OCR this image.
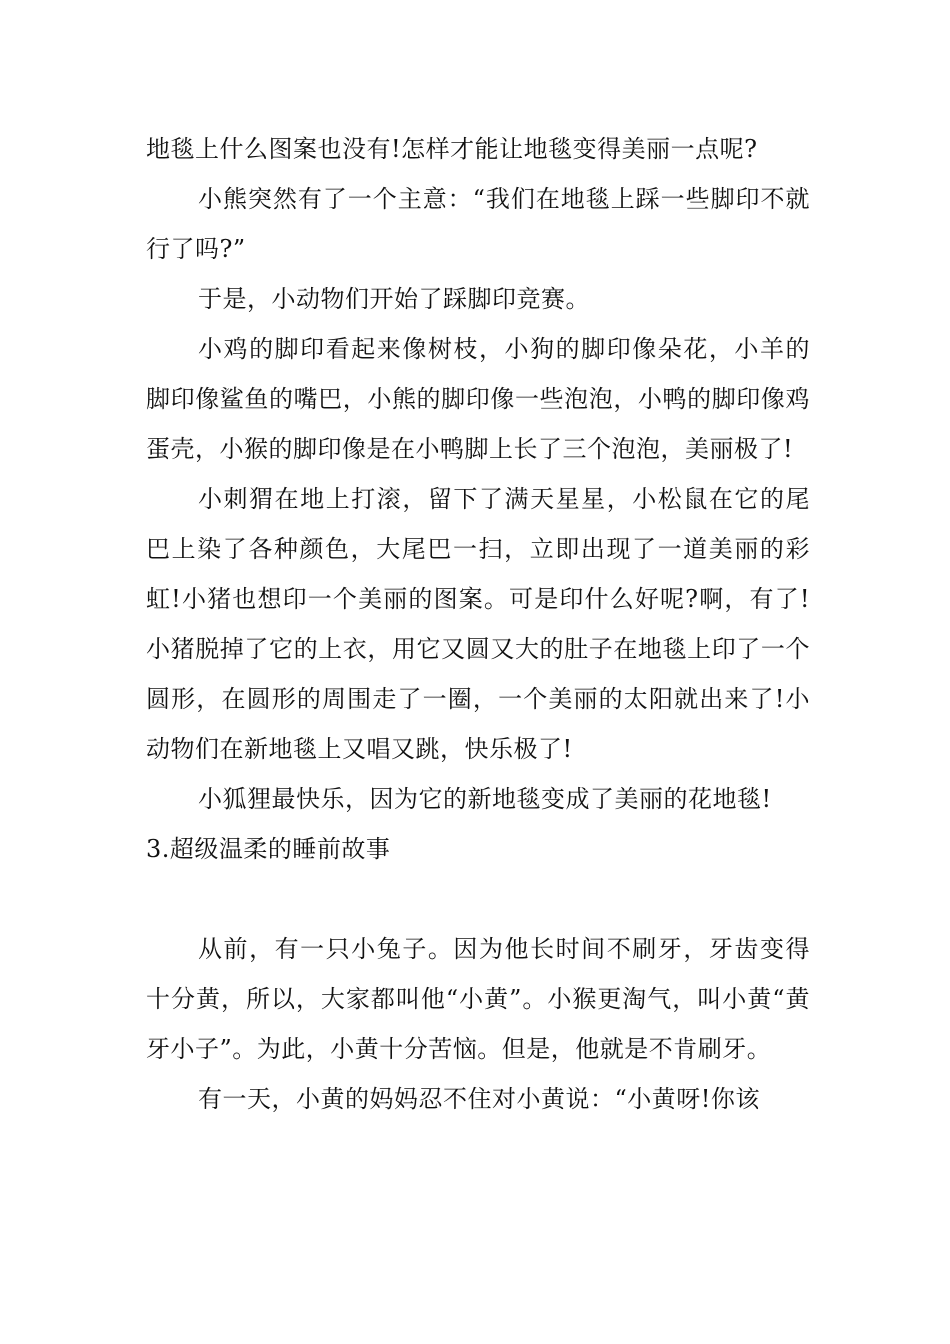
地毯上什么图案也没有!怎样才能让地毯变得美丽一点呢?

小熊突然有了一个主意：“我们在地毯上踩一些脚印不就行了吗?”

于是，小动物们开始了踩脚印竞赛。

小鸡的脚印看起来像树枝，小狗的脚印像朵花，小羊的脚印像鲨鱼的嘴巴，小熊的脚印像一些泡泡，小鸭的脚印像鸡蛋壳，小猴的脚印像是在小鸭脚上长了三个泡泡，美丽极了!

小刺猬在地上打滚，留下了满天星星，小松鼠在它的尾巴上染了各种颜色，大尾巴一扫，立即出现了一道美丽的彩虹!小猪也想印一个美丽的图案。可是印什么好呢?啊，有了!小猪脱掉了它的上衣，用它又圆又大的肚子在地毯上印了一个圆形，在圆形的周围走了一圈，一个美丽的太阳就出来了!小动物们在新地毯上又唱又跳，快乐极了!

小狐狸最快乐，因为它的新地毯变成了美丽的花地毯!

3.超级温柔的睡前故事

从前，有一只小兔子。因为他长时间不刷牙，牙齿变得十分黄，所以，大家都叫他“小黄”。小猴更淘气，叫小黄“黄牙小子”。为此，小黄十分苦恼。但是，他就是不肯刷牙。

有一天，小黄的妈妈忍不住对小黄说：“小黄呀!你该
